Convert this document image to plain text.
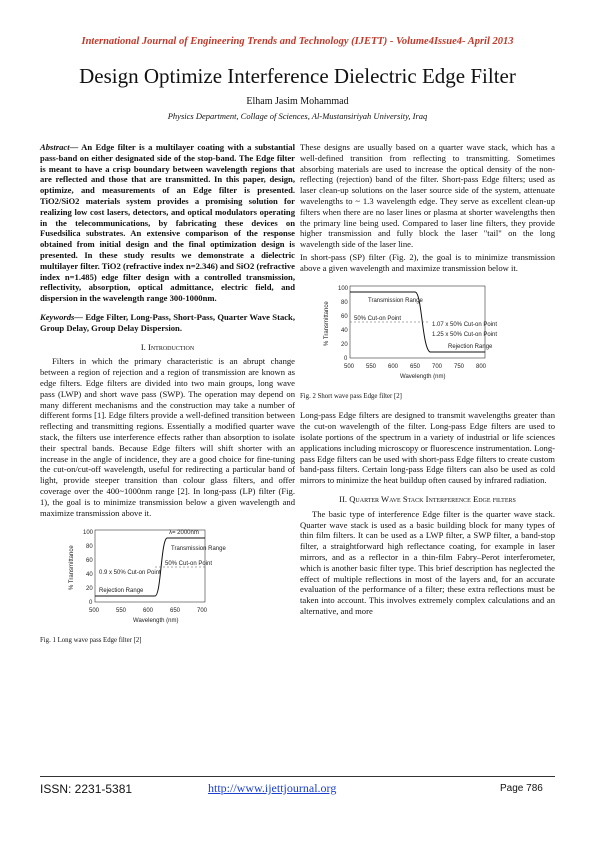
International Journal of Engineering Trends and Technology (IJETT) - Volume4Issue4- April 2013
Design Optimize Interference Dielectric Edge Filter
Elham Jasim Mohammad
Physics Department, Collage of Sciences, Al-Mustansiriyah University, Iraq

Abstract— An Edge filter is a multilayer coating with a substantial pass-band on either designated side of the stop-band. The Edge filter is meant to have a crisp boundary between wavelength regions that are reflected and those that are transmitted. In this paper, design, optimize, and measurements of an Edge filter is presented. TiO2/SiO2 materials system provides a promising solution for realizing low cost lasers, detectors, and optical modulators operating in the telecommunications, by fabricating these devices on Fusedsilica substrates. An extensive comparison of the response obtained from initial design and the final optimization design is presented. In these study results we demonstrate a dielectric multilayer filter. TiO2 (refractive index n=2.346) and SiO2 (refractive index n=1.485) edge filter design with a controlled transmission, reflectivity, absorption, optical admittance, electric field, and dispersion in the wavelength range 300-1000nm.

Keywords— Edge Filter, Long-Pass, Short-Pass, Quarter Wave Stack, Group Delay, Group Delay Dispersion.

I. Introduction

Filters in which the primary characteristic is an abrupt change between a region of rejection and a region of transmission are known as edge filters. Edge filters are divided into two main groups, long wave pass (LWP) and short wave pass (SWP). The operation may depend on many different mechanisms and the construction may take a number of different forms [1]. Edge filters provide a well-defined transition between reflecting and transmitting regions. Essentially a modified quarter wave stack, the filters use interference effects rather than absorption to isolate their spectral bands. Because Edge filters will shift shorter with an increase in the angle of incidence, they are a good choice for fine-tuning the cut-on/cut-off wavelength, useful for redirecting a particular band of light, provide steeper transition than colour glass filters, and offer coverage over the 400~1000nm range [2]. In long-pass (LP) filter (Fig. 1), the goal is to minimize transmission below a given wavelength and maximize transmission above it.

λ= 2000nm
Transmission Range
50% Cut-on Point
0.9 x 50% Cut-on Point
Rejection Range
100
80
60
40
20
0
500	550	600	650	700
Wavelength (nm)
% Transmittance
Fig. 1 Long wave pass Edge filter [2]

These designs are usually based on a quarter wave stack, which has a well-defined transition from reflecting to transmitting. Sometimes absorbing materials are used to increase the optical density of the non-reflecting (rejection) band of the filter. Short-pass Edge filters; used as laser clean-up solutions on the laser source side of the system, attenuate wavelengths to ~ 1.3 wavelength edge. They serve as excellent clean-up filters when there are no laser lines or plasma at shorter wavelengths then the primary line being used. Compared to laser line filters, they provide higher transmission and fully block the laser "tail" on the long wavelength side of the laser line.

In short-pass (SP) filter (Fig. 2), the goal is to minimize transmission above a given wavelength and maximize transmission below it.

Transmission Range
50% Cut-on Point
1.07 x 50% Cut-on Point
1.25 x 50% Cut-on Point
Rejection Range
100
80
60
40
20
0
500 550 600 650 700 750 800
Wavelength (nm)
% Transmittance
Fig. 2 Short wave pass Edge filter [2]

Long-pass Edge filters are designed to transmit wavelengths greater than the cut-on wavelength of the filter. Long-pass Edge filters are used to isolate portions of the spectrum in a variety of industrial or life sciences applications including microscopy or fluorescence instrumentation. Long-pass Edge filters can be used with short-pass Edge filters to create custom band-pass filters. Certain long-pass Edge filters can also be used as cold mirrors to minimize the heat buildup often caused by infrared radiation.

II. Quarter Wave Stack Interference Edge filters

The basic type of interference Edge filter is the quarter wave stack. Quarter wave stack is used as a basic building block for many types of thin film filters. It can be used as a LWP filter, a SWP filter, a band-stop filter, a straightforward high reflectance coating, for example in laser mirrors, and as a reflector in a thin-film Fabry–Perot interferometer, which is another basic filter type. This brief description has neglected the effect of multiple reflections in most of the layers and, for an accurate evaluation of the performance of a filter; these extra reflections must be taken into account. This involves extremely complex calculations and an alternative, and more

ISSN: 2231-5381	http://www.ijettjournal.org	Page 786
